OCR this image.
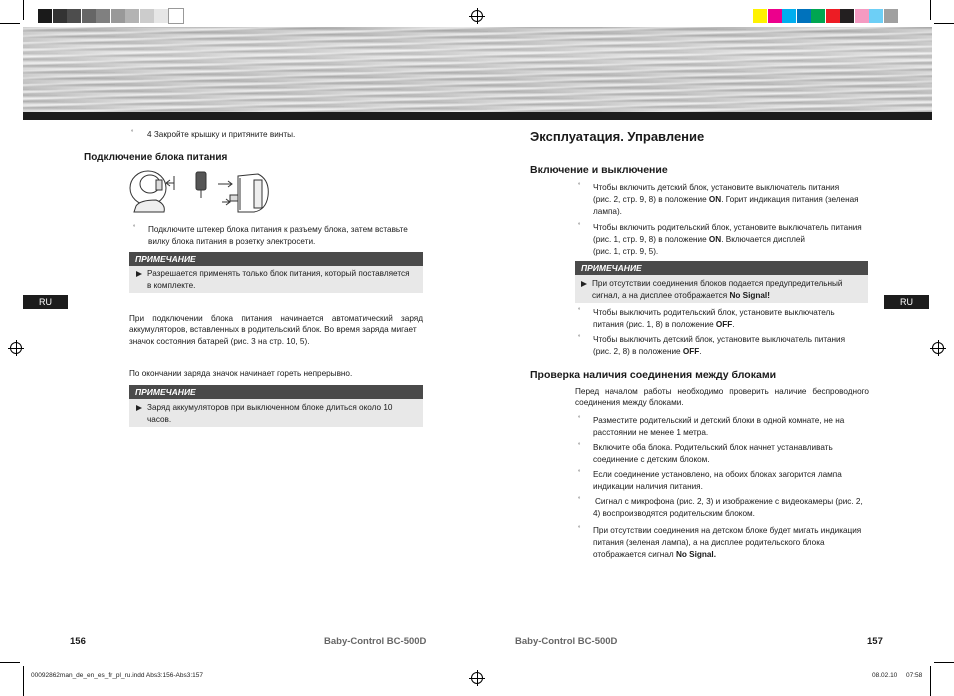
° 4 Закройте крышку и притяните винты.
Подключение блока питания
° Подключите штекер блока питания к разъему блока, затем вставьте
вилку блока питания в розетку электросети.
ПРИМЕЧАНИЕ
Разрешается применять только блок питания, который поставляется
в комплекте.
RU
При подключении блока питания начинается автоматический заряд
аккумуляторов, вставленных в родительский блок. Во время заряда мигает
значок состояния батарей (рис. 3 на стр. 10, 5).
По окончании заряда значок начинает гореть непрерывно.
ПРИМЕЧАНИЕ
Заряд аккумуляторов при выключенном блоке длиться около 10
часов.
156	Baby-Control BC-500D
Эксплуатация. Управление
Включение и выключение
° Чтобы включить детский блок, установите выключатель питания
(рис. 2, стр. 9, 8) в положение ON. Горит индикация питания (зеленая
лампа).
° Чтобы включить родительский блок, установите выключатель питания
(рис. 1, стр. 9, 8) в положение ON. Включается дисплей
(рис. 1, стр. 9, 5).
ПРИМЕЧАНИЕ
При отсутствии соединения блоков подается предупредительный
сигнал, а на дисплее отображается No Signal!
° Чтобы выключить родительский блок, установите выключатель
питания (рис. 1, 8) в положение OFF.
° Чтобы выключить детский блок, установите выключатель питания
(рис. 2, 8) в положение OFF.
RU
Проверка наличия соединения между блоками
Перед началом работы необходимо проверить наличие беспроводного
соединения между блоками.
° Разместите родительский и детский блоки в одной комнате, не на
расстоянии не менее 1 метра.
° Включите оба блока. Родительский блок начнет устанавливать
соединение с детским блоком.
° Если соединение установлено, на обоих блоках загорится лампа
индикации наличия питания.
° Сигнал с микрофона (рис. 2, 3) и изображение с видеокамеры (рис. 2,
4) воспроизводятся родительским блоком.
° При отсутствии соединения на детском блоке будет мигать индикация
питания (зеленая лампа), а на дисплее родительского блока
отображается сигнал No Signal.
Baby-Control BC-500D	157
00092862man_de_en_es_fr_pl_ru.indd Abs3:156-Abs3:157	08.02.10 07:58
